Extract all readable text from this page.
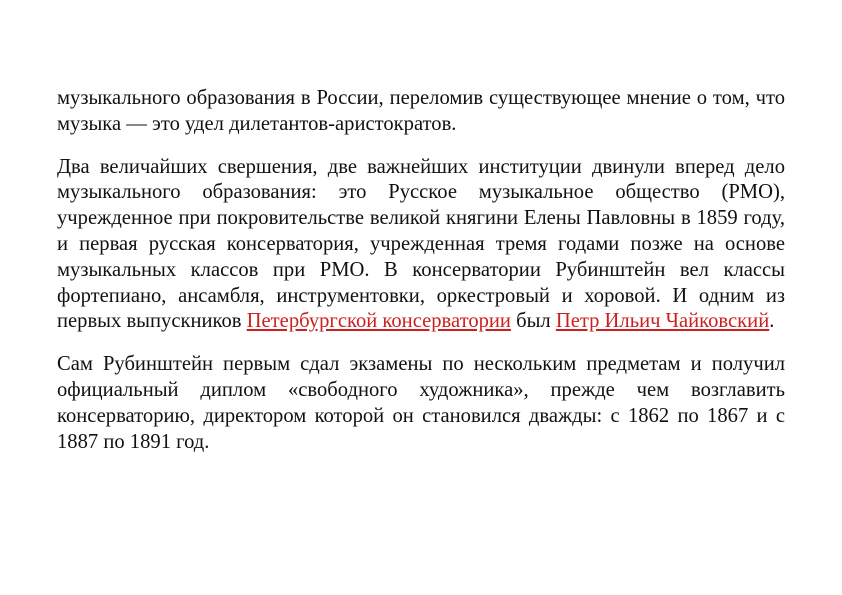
музыкального образования в России, переломив существующее мнение о том, что музыка — это удел дилетантов-аристократов.

Два величайших свершения, две важнейших институции двинули вперед дело музыкального образования: это Русское музыкальное общество (РМО), учрежденное при покровительстве великой княгини Елены Павловны в 1859 году, и первая русская консерватория, учрежденная тремя годами позже на основе музыкальных классов при РМО. В консерватории Рубинштейн вел классы фортепиано, ансамбля, инструментовки, оркестровый и хоровой. И одним из первых выпускников Петербургской консерватории был Петр Ильич Чайковский.

Сам Рубинштейн первым сдал экзамены по нескольким предметам и получил официальный диплом «свободного художника», прежде чем возглавить консерваторию, директором которой он становился дважды: с 1862 по 1867 и с 1887 по 1891 год.
